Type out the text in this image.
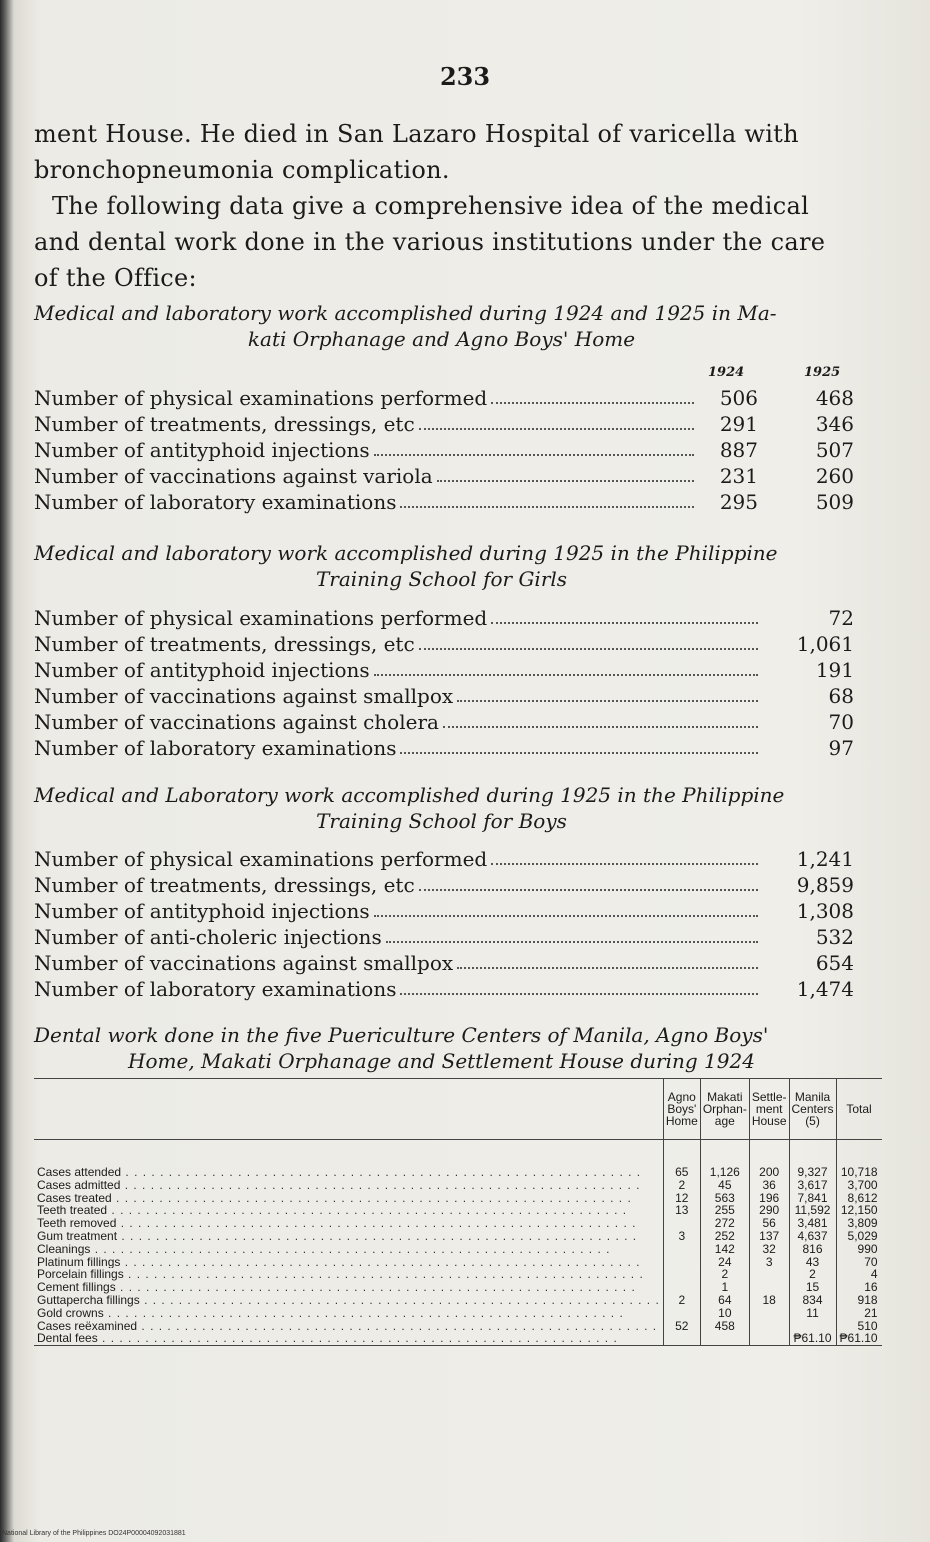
233
ment House. He died in San Lazaro Hospital of varicella with bronchopneumonia complication.
The following data give a comprehensive idea of the medical and dental work done in the various institutions under the care of the Office:
Medical and laboratory work accomplished during 1924 and 1925 in Ma-
kati Orphanage and Agno Boys' Home
1924	1925
Number of physical examinations performed	506	468
Number of treatments, dressings, etc	291	346
Number of antityphoid injections	887	507
Number of vaccinations against variola	231	260
Number of laboratory examinations	295	509
Medical and laboratory work accomplished during 1925 in the Philippine
Training School for Girls
Number of physical examinations performed	72
Number of treatments, dressings, etc	1,061
Number of antityphoid injections	191
Number of vaccinations against smallpox	68
Number of vaccinations against cholera	70
Number of laboratory examinations	97
Medical and Laboratory work accomplished during 1925 in the Philippine
Training School for Boys
Number of physical examinations performed	1,241
Number of treatments, dressings, etc	9,859
Number of antityphoid injections	1,308
Number of anti-choleric injections	532
Number of vaccinations against smallpox	654
Number of laboratory examinations	1,474
Dental work done in the five Puericulture Centers of Manila, Agno Boys'
Home, Makati Orphanage and Settlement House during 1924
	Agno Boys' Home	Makati Orphan-age	Settle-ment House	Manila Centers (5)	Total
Cases attended . . . . . . . . . . . . . . . . . . . . . . . . . . . . . . . . . . . . . . . . . . . . . . . . . . . . . . . . . . . .	65	1,126	200	9,327	10,718
Cases admitted . . . . . . . . . . . . . . . . . . . . . . . . . . . . . . . . . . . . . . . . . . . . . . . . . . . . . . . . . . . .	2	45	36	3,617	3,700
Cases treated . . . . . . . . . . . . . . . . . . . . . . . . . . . . . . . . . . . . . . . . . . . . . . . . . . . . . . . . . . . .	12	563	196	7,841	8,612
Teeth treated . . . . . . . . . . . . . . . . . . . . . . . . . . . . . . . . . . . . . . . . . . . . . . . . . . . . . . . . . . . .	13	255	290	11,592	12,150
Teeth removed . . . . . . . . . . . . . . . . . . . . . . . . . . . . . . . . . . . . . . . . . . . . . . . . . . . . . . . . . . . .		272	56	3,481	3,809
Gum treatment . . . . . . . . . . . . . . . . . . . . . . . . . . . . . . . . . . . . . . . . . . . . . . . . . . . . . . . . . . . .	3	252	137	4,637	5,029
Cleanings . . . . . . . . . . . . . . . . . . . . . . . . . . . . . . . . . . . . . . . . . . . . . . . . . . . . . . . . . . . .		142	32	816	990
Platinum fillings . . . . . . . . . . . . . . . . . . . . . . . . . . . . . . . . . . . . . . . . . . . . . . . . . . . . . . . . . . . .		24	3	43	70
Porcelain fillings . . . . . . . . . . . . . . . . . . . . . . . . . . . . . . . . . . . . . . . . . . . . . . . . . . . . . . . . . . . .		2		2	4
Cement fillings . . . . . . . . . . . . . . . . . . . . . . . . . . . . . . . . . . . . . . . . . . . . . . . . . . . . . . . . . . . .		1		15	16
Guttapercha fillings . . . . . . . . . . . . . . . . . . . . . . . . . . . . . . . . . . . . . . . . . . . . . . . . . . . . . . . . . . . .	2	64	18	834	918
Gold crowns . . . . . . . . . . . . . . . . . . . . . . . . . . . . . . . . . . . . . . . . . . . . . . . . . . . . . . . . . . . .		10		11	21
Cases reëxamined . . . . . . . . . . . . . . . . . . . . . . . . . . . . . . . . . . . . . . . . . . . . . . . . . . . . . . . . . . . .	52	458			510
Dental fees . . . . . . . . . . . . . . . . . . . . . . . . . . . . . . . . . . . . . . . . . . . . . . . . . . . . . . . . . . . .				₱61.10	₱61.10
National Library of the Philippines DO24P00004092031881
